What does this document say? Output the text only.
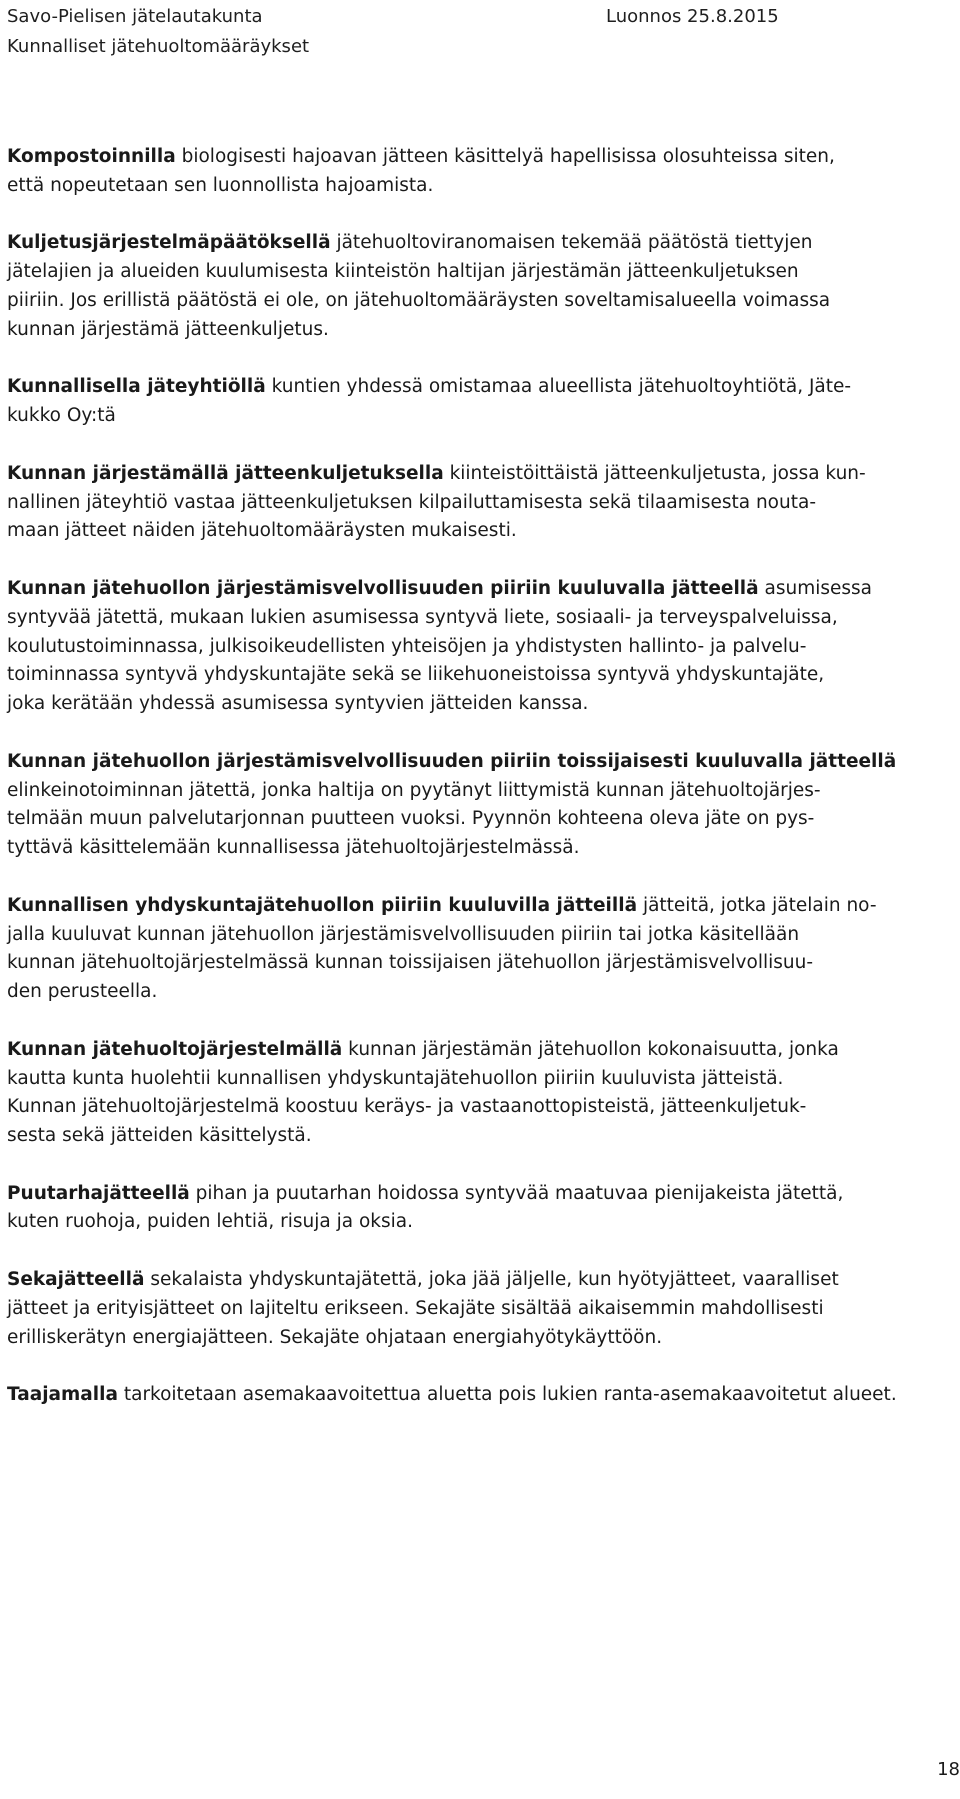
Savo-Pielisen jätelautakunta	Luonnos 25.8.2015
Kunnalliset jätehuoltomääräykset

Kompostoinnilla biologisesti hajoavan jätteen käsittelyä hapellisissa olosuhteissa siten,

että nopeutetaan sen luonnollista hajoamista.

Kuljetusjärjestelmäpäätöksellä jätehuoltoviranomaisen tekemää päätöstä tiettyjen

jätelajien ja alueiden kuulumisesta kiinteistön haltijan järjestämän jätteenkuljetuksen

piiriin. Jos erillistä päätöstä ei ole, on jätehuoltomääräysten soveltamisalueella voimassa

kunnan järjestämä jätteenkuljetus.

Kunnallisella jäteyhtiöllä kuntien yhdessä omistamaa alueellista jätehuoltoyhtiötä, Jäte-

kukko Oy:tä

Kunnan järjestämällä jätteenkuljetuksella kiinteistöittäistä jätteenkuljetusta, jossa kun-

nallinen jäteyhtiö vastaa jätteenkuljetuksen kilpailuttamisesta sekä tilaamisesta nouta-

maan jätteet näiden jätehuoltomääräysten mukaisesti.

Kunnan jätehuollon järjestämisvelvollisuuden piiriin kuuluvalla jätteellä asumisessa

syntyvää jätettä, mukaan lukien asumisessa syntyvä liete, sosiaali- ja terveyspalveluissa,

koulutustoiminnassa, julkisoikeudellisten yhteisöjen ja yhdistysten hallinto- ja palvelu-

toiminnassa syntyvä yhdyskuntajäte sekä se liikehuoneistoissa syntyvä yhdyskuntajäte,

joka kerätään yhdessä asumisessa syntyvien jätteiden kanssa.

Kunnan jätehuollon järjestämisvelvollisuuden piiriin toissijaisesti kuuluvalla jätteellä

elinkeinotoiminnan jätettä, jonka haltija on pyytänyt liittymistä kunnan jätehuoltojärjes-

telmään muun palvelutarjonnan puutteen vuoksi. Pyynnön kohteena oleva jäte on pys-

tyttävä käsittelemään kunnallisessa jätehuoltojärjestelmässä.

Kunnallisen yhdyskuntajätehuollon piiriin kuuluvilla jätteillä jätteitä, jotka jätelain no-

jalla kuuluvat kunnan jätehuollon järjestämisvelvollisuuden piiriin tai jotka käsitellään

kunnan jätehuoltojärjestelmässä kunnan toissijaisen jätehuollon järjestämisvelvollisuu-

den perusteella.

Kunnan jätehuoltojärjestelmällä kunnan järjestämän jätehuollon kokonaisuutta, jonka

kautta kunta huolehtii kunnallisen yhdyskuntajätehuollon piiriin kuuluvista jätteistä.

Kunnan jätehuoltojärjestelmä koostuu keräys- ja vastaanottopisteistä, jätteenkuljetuk-

sesta sekä jätteiden käsittelystä.

Puutarhajätteellä pihan ja puutarhan hoidossa syntyvää maatuvaa pienijakeista jätettä,

kuten ruohoja, puiden lehtiä, risuja ja oksia.

Sekajätteellä sekalaista yhdyskuntajätettä, joka jää jäljelle, kun hyötyjätteet, vaaralliset

jätteet ja erityisjätteet on lajiteltu erikseen. Sekajäte sisältää aikaisemmin mahdollisesti

erilliskerätyn energiajätteen. Sekajäte ohjataan energiahyötykäyttöön.

Taajamalla tarkoitetaan asemakaavoitettua aluetta pois lukien ranta-asemakaavoitetut alueet.

18
